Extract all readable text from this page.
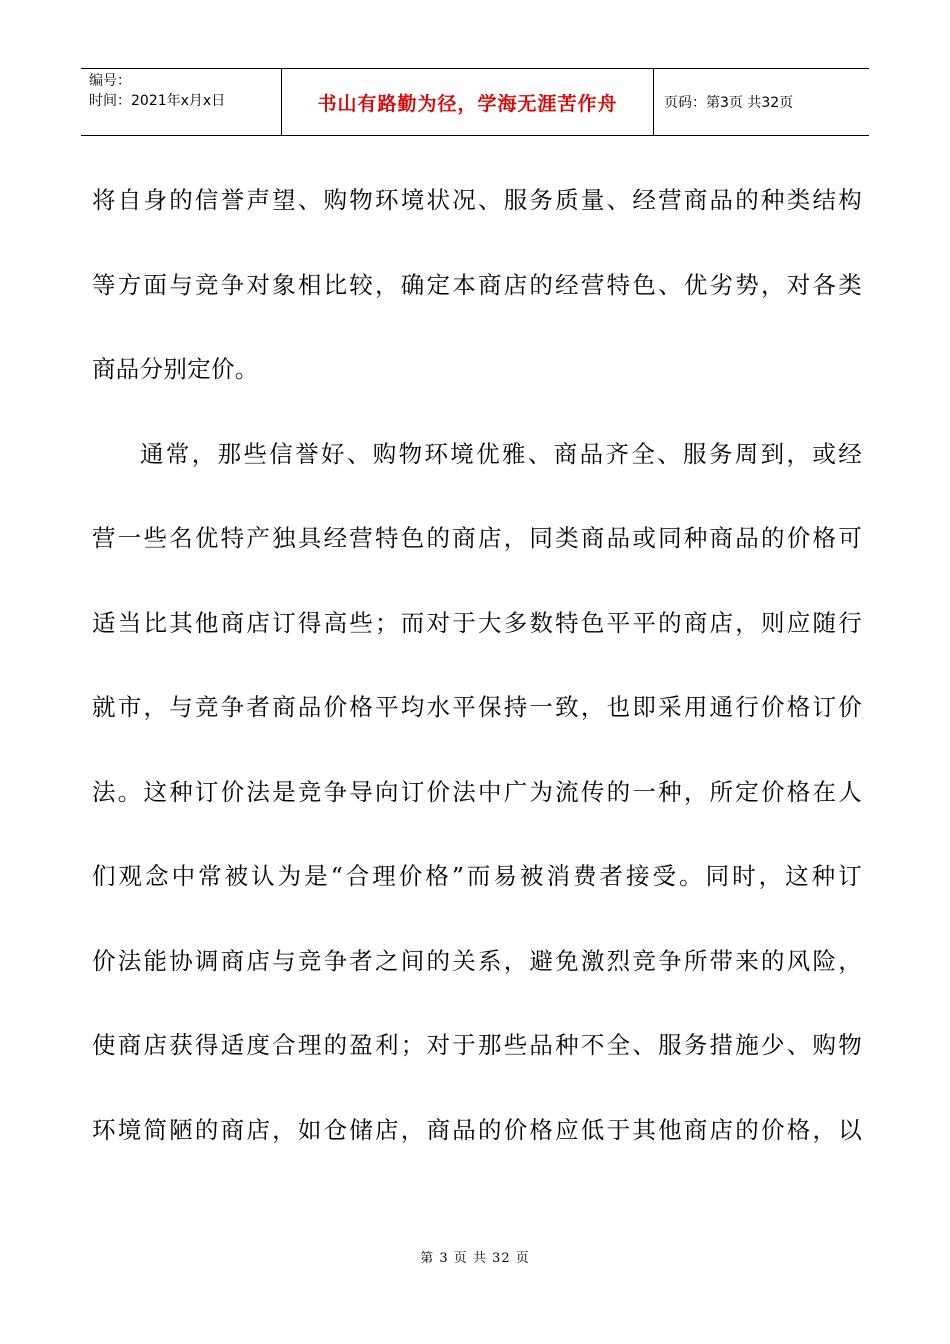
编号：
时间：2021年x月x日	书山有路勤为径，学海无涯苦作舟	页码：第3页 共32页
将自身的信誉声望、购物环境状况、服务质量、经营商品的种类结构
等方面与竞争对象相比较，确定本商店的经营特色、优劣势，对各类
商品分别定价。
通常，那些信誉好、购物环境优雅、商品齐全、服务周到，或经
营一些名优特产独具经营特色的商店，同类商品或同种商品的价格可
适当比其他商店订得高些；而对于大多数特色平平的商店，则应随行
就市，与竞争者商品价格平均水平保持一致，也即采用通行价格订价
法。这种订价法是竞争导向订价法中广为流传的一种，所定价格在人
们观念中常被认为是“合理价格”而易被消费者接受。同时，这种订
价法能协调商店与竞争者之间的关系，避免激烈竞争所带来的风险，
使商店获得适度合理的盈利；对于那些品种不全、服务措施少、购物
环境简陋的商店，如仓储店，商品的价格应低于其他商店的价格，以
第 3 页 共 32 页
